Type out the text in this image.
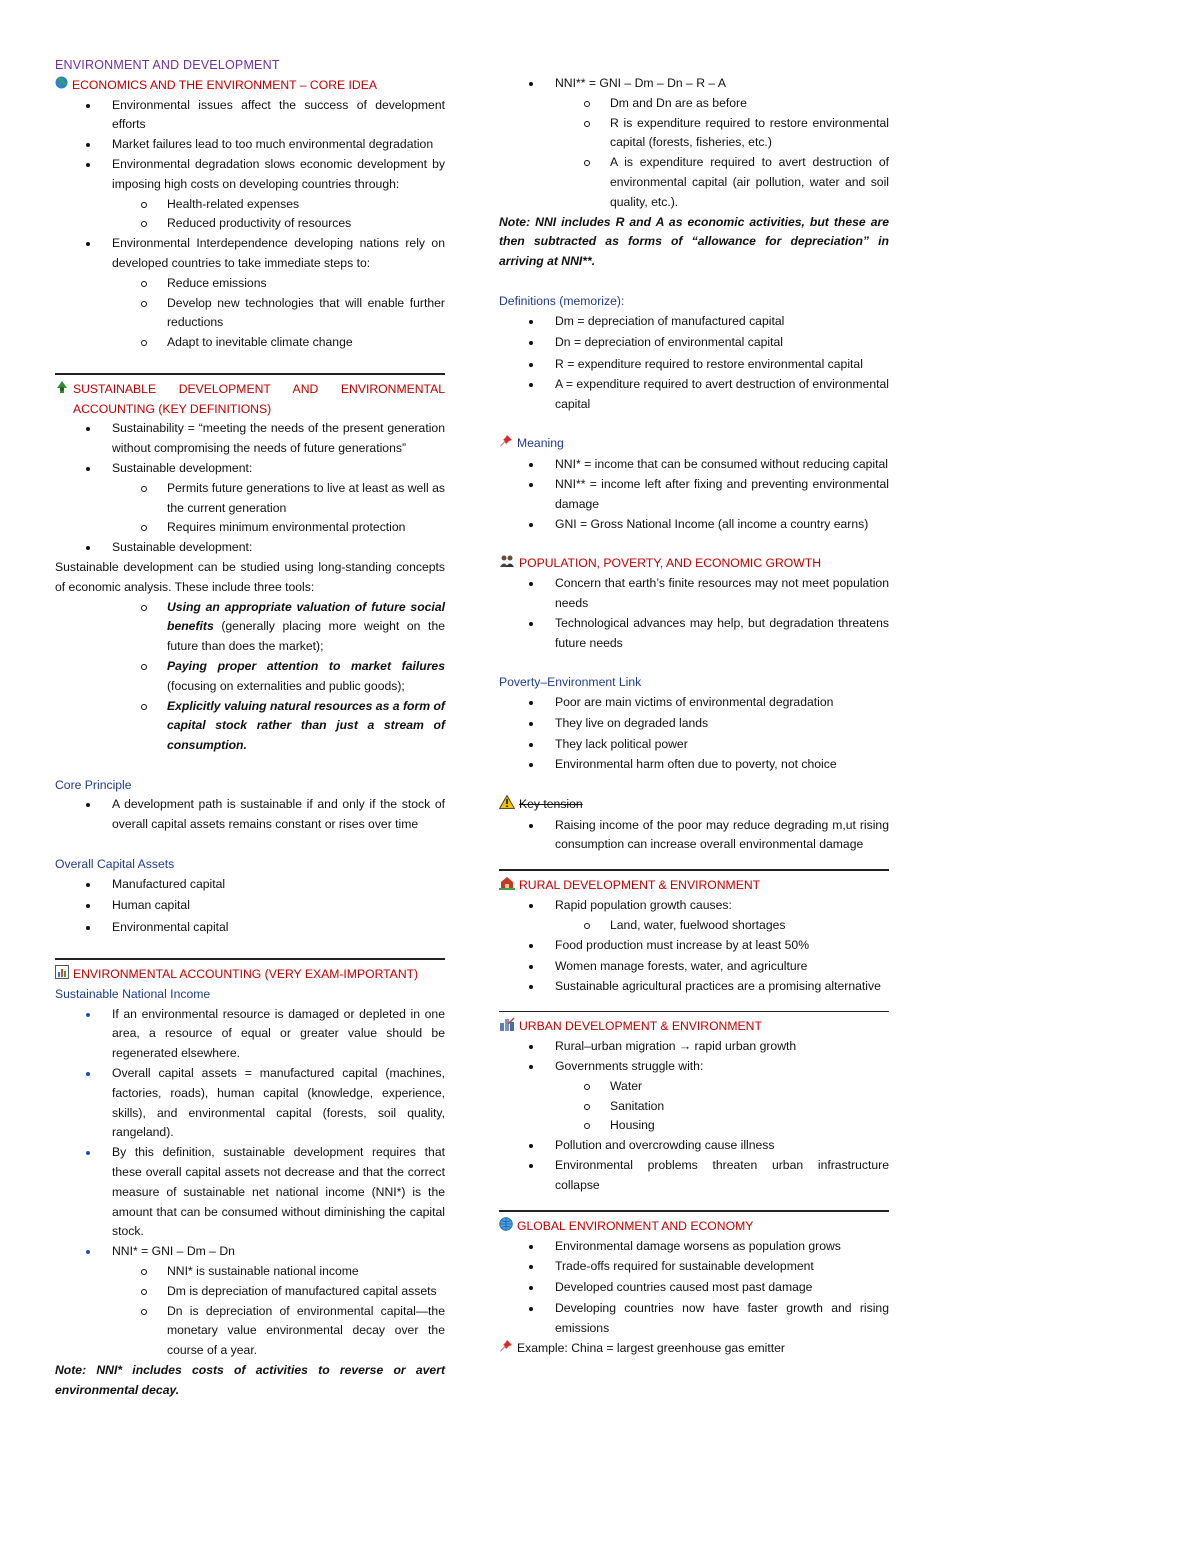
ENVIRONMENT AND DEVELOPMENT
ECONOMICS AND THE ENVIRONMENT – CORE IDEA
Environmental issues affect the success of development efforts
Market failures lead to too much environmental degradation
Environmental degradation slows economic development by imposing high costs on developing countries through:
Health-related expenses
Reduced productivity of resources
Environmental Interdependence developing nations rely on developed countries to take immediate steps to:
Reduce emissions
Develop new technologies that will enable further reductions
Adapt to inevitable climate change
SUSTAINABLE DEVELOPMENT AND ENVIRONMENTAL ACCOUNTING (KEY DEFINITIONS)
Sustainability = “meeting the needs of the present generation without compromising the needs of future generations”
Sustainable development:
Permits future generations to live at least as well as the current generation
Requires minimum environmental protection
Sustainable development:
Sustainable development can be studied using long-standing concepts of economic analysis. These include three tools:
Using an appropriate valuation of future social benefits (generally placing more weight on the future than does the market);
Paying proper attention to market failures (focusing on externalities and public goods);
Explicitly valuing natural resources as a form of capital stock rather than just a stream of consumption.
Core Principle
A development path is sustainable if and only if the stock of overall capital assets remains constant or rises over time
Overall Capital Assets
Manufactured capital
Human capital
Environmental capital
ENVIRONMENTAL ACCOUNTING (VERY EXAM-IMPORTANT)
Sustainable National Income
If an environmental resource is damaged or depleted in one area, a resource of equal or greater value should be regenerated elsewhere.
Overall capital assets = manufactured capital (machines, factories, roads), human capital (knowledge, experience, skills), and environmental capital (forests, soil quality, rangeland).
By this definition, sustainable development requires that these overall capital assets not decrease and that the correct measure of sustainable net national income (NNI*) is the amount that can be consumed without diminishing the capital stock.
NNI* = GNI – Dm – Dn
NNI* is sustainable national income
Dm is depreciation of manufactured capital assets
Dn is depreciation of environmental capital—the monetary value environmental decay over the course of a year.
Note: NNI* includes costs of activities to reverse or avert environmental decay.
NNI** = GNI – Dm – Dn – R – A
Dm and Dn are as before
R is expenditure required to restore environmental capital (forests, fisheries, etc.)
A is expenditure required to avert destruction of environmental capital (air pollution, water and soil quality, etc.).
Note: NNI includes R and A as economic activities, but these are then subtracted as forms of “allowance for depreciation” in arriving at NNI**.
Definitions (memorize):
Dm = depreciation of manufactured capital
Dn = depreciation of environmental capital
R = expenditure required to restore environmental capital
A = expenditure required to avert destruction of environmental capital
Meaning
NNI* = income that can be consumed without reducing capital
NNI** = income left after fixing and preventing environmental damage
GNI = Gross National Income (all income a country earns)
POPULATION, POVERTY, AND ECONOMIC GROWTH
Concern that earth’s finite resources may not meet population needs
Technological advances may help, but degradation threatens future needs
Poverty–Environment Link
Poor are main victims of environmental degradation
They live on degraded lands
They lack political power
Environmental harm often due to poverty, not choice
Key tension
Raising income of the poor may reduce degrading m,ut rising consumption can increase overall environmental damage
RURAL DEVELOPMENT & ENVIRONMENT
Rapid population growth causes:
Land, water, fuelwood shortages
Food production must increase by at least 50%
Women manage forests, water, and agriculture
Sustainable agricultural practices are a promising alternative
URBAN DEVELOPMENT & ENVIRONMENT
Rural–urban migration → rapid urban growth
Governments struggle with:
Water
Sanitation
Housing
Pollution and overcrowding cause illness
Environmental problems threaten urban infrastructure collapse
GLOBAL ENVIRONMENT AND ECONOMY
Environmental damage worsens as population grows
Trade-offs required for sustainable development
Developed countries caused most past damage
Developing countries now have faster growth and rising emissions
Example: China = largest greenhouse gas emitter
